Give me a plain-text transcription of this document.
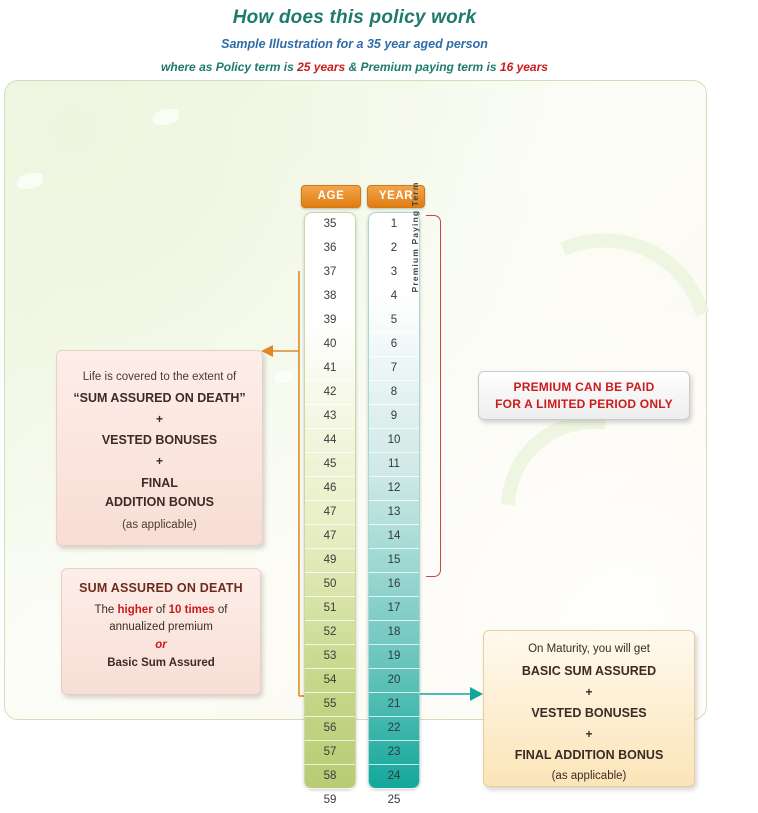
How does this policy work
Sample Illustration for a 35 year aged person
where as Policy term is 25 years & Premium paying term is 16 years
AGE	YEAR
35
36
37
38
39
40
41
42
43
44
45
46
47
47
49
50
51
52
53
54
55
56
57
58
59
1
2
3
4
5
6
7
8
9
10
11
12
13
14
15
16
17
18
19
20
21
22
23
24
25
Premium Paying Term
Life is covered to the extent of
“SUM ASSURED ON DEATH”
+
VESTED BONUSES
+
FINAL
ADDITION BONUS
(as applicable)
SUM ASSURED ON DEATH
The higher of 10 times of
annualized premium
or
Basic Sum Assured
PREMIUM CAN BE PAID
FOR A LIMITED PERIOD ONLY
On Maturity, you will get
BASIC SUM ASSURED
+
VESTED BONUSES
+
FINAL ADDITION BONUS
(as applicable)
